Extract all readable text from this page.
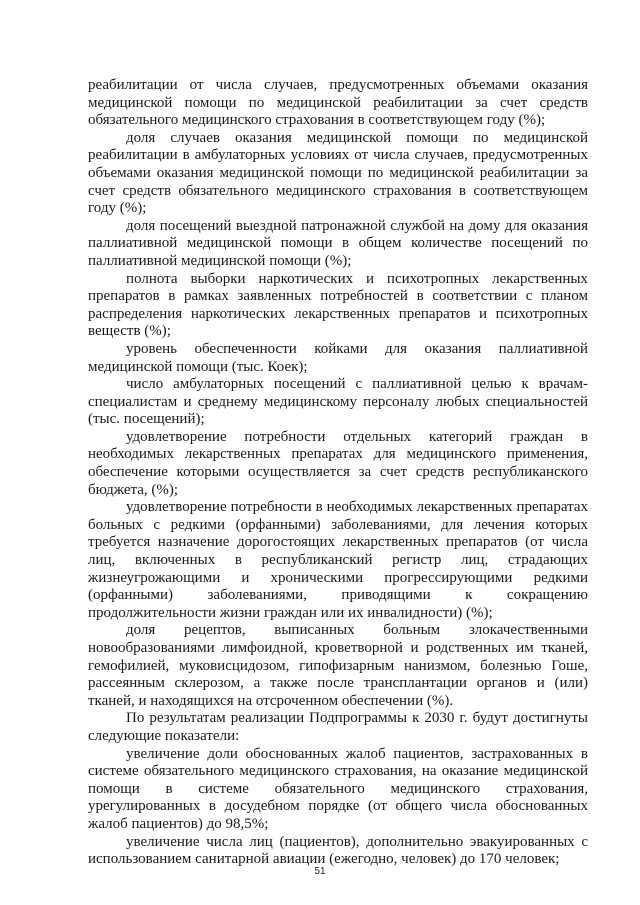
реабилитации от числа случаев, предусмотренных объемами оказания медицинской помощи по медицинской реабилитации за счет средств обязательного медицинского страхования в соответствующем году (%);

доля случаев оказания медицинской помощи по медицинской реабилитации в амбулаторных условиях от числа случаев, предусмотренных объемами оказания медицинской помощи по медицинской реабилитации за счет средств обязательного медицинского страхования в соответствующем году (%);

доля посещений выездной патронажной службой на дому для оказания паллиативной медицинской помощи в общем количестве посещений по паллиативной медицинской помощи (%);

полнота выборки наркотических и психотропных лекарственных препаратов в рамках заявленных потребностей в соответствии с планом распределения наркотических лекарственных препаратов и психотропных веществ (%);

уровень обеспеченности койками для оказания паллиативной медицинской помощи (тыс. Коек);

число амбулаторных посещений с паллиативной целью к врачам-специалистам и среднему медицинскому персоналу любых специальностей (тыс. посещений);

удовлетворение потребности отдельных категорий граждан в необходимых лекарственных препаратах для медицинского применения, обеспечение которыми осуществляется за счет средств республиканского бюджета, (%);

удовлетворение потребности в необходимых лекарственных препаратах больных с редкими (орфанными) заболеваниями, для лечения которых требуется назначение дорогостоящих лекарственных препаратов (от числа лиц, включенных в республиканский регистр лиц, страдающих жизнеугрожающими и хроническими прогрессирующими редкими (орфанными) заболеваниями, приводящими к сокращению продолжительности жизни граждан или их инвалидности) (%);

доля рецептов, выписанных больным злокачественными новообразованиями лимфоидной, кроветворной и родственных им тканей, гемофилией, муковисцидозом, гипофизарным нанизмом, болезнью Гоше, рассеянным склерозом, а также после трансплантации органов и (или) тканей, и находящихся на отсроченном обеспечении (%).

По результатам реализации Подпрограммы к 2030 г. будут достигнуты следующие показатели:

увеличение доли обоснованных жалоб пациентов, застрахованных в системе обязательного медицинского страхования, на оказание медицинской помощи в системе обязательного медицинского страхования, урегулированных в досудебном порядке (от общего числа обоснованных жалоб пациентов) до 98,5%;

увеличение числа лиц (пациентов), дополнительно эвакуированных с использованием санитарной авиации (ежегодно, человек) до 170 человек;

51
